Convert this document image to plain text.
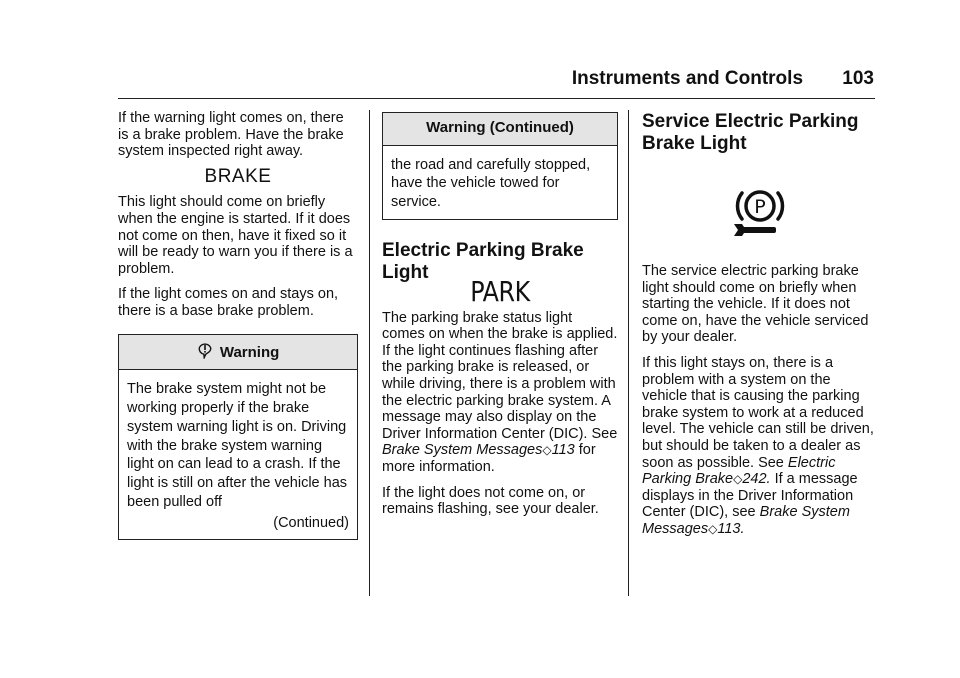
Instruments and Controls 103

If the warning light comes on, there is a brake problem. Have the brake system inspected right away.

BRAKE

This light should come on briefly when the engine is started. If it does not come on then, have it fixed so it will be ready to warn you if there is a problem.

If the light comes on and stays on, there is a base brake problem.

Warning
The brake system might not be working properly if the brake system warning light is on. Driving with the brake system warning light on can lead to a crash. If the light is still on after the vehicle has been pulled off
(Continued)
Warning (Continued)
the road and carefully stopped, have the vehicle towed for service.
Electric Parking Brake Light

PARK

The parking brake status light comes on when the brake is applied. If the light continues flashing after the parking brake is released, or while driving, there is a problem with the electric parking brake system. A message may also display on the Driver Information Center (DIC). See Brake System Messages◇113 for more information.

If the light does not come on, or remains flashing, see your dealer.

Service Electric Parking Brake Light
P

The service electric parking brake light should come on briefly when starting the vehicle. If it does not come on, have the vehicle serviced by your dealer.

If this light stays on, there is a problem with a system on the vehicle that is causing the parking brake system to work at a reduced level. The vehicle can still be driven, but should be taken to a dealer as soon as possible. See Electric Parking Brake◇242. If a message displays in the Driver Information Center (DIC), see Brake System Messages◇113.
